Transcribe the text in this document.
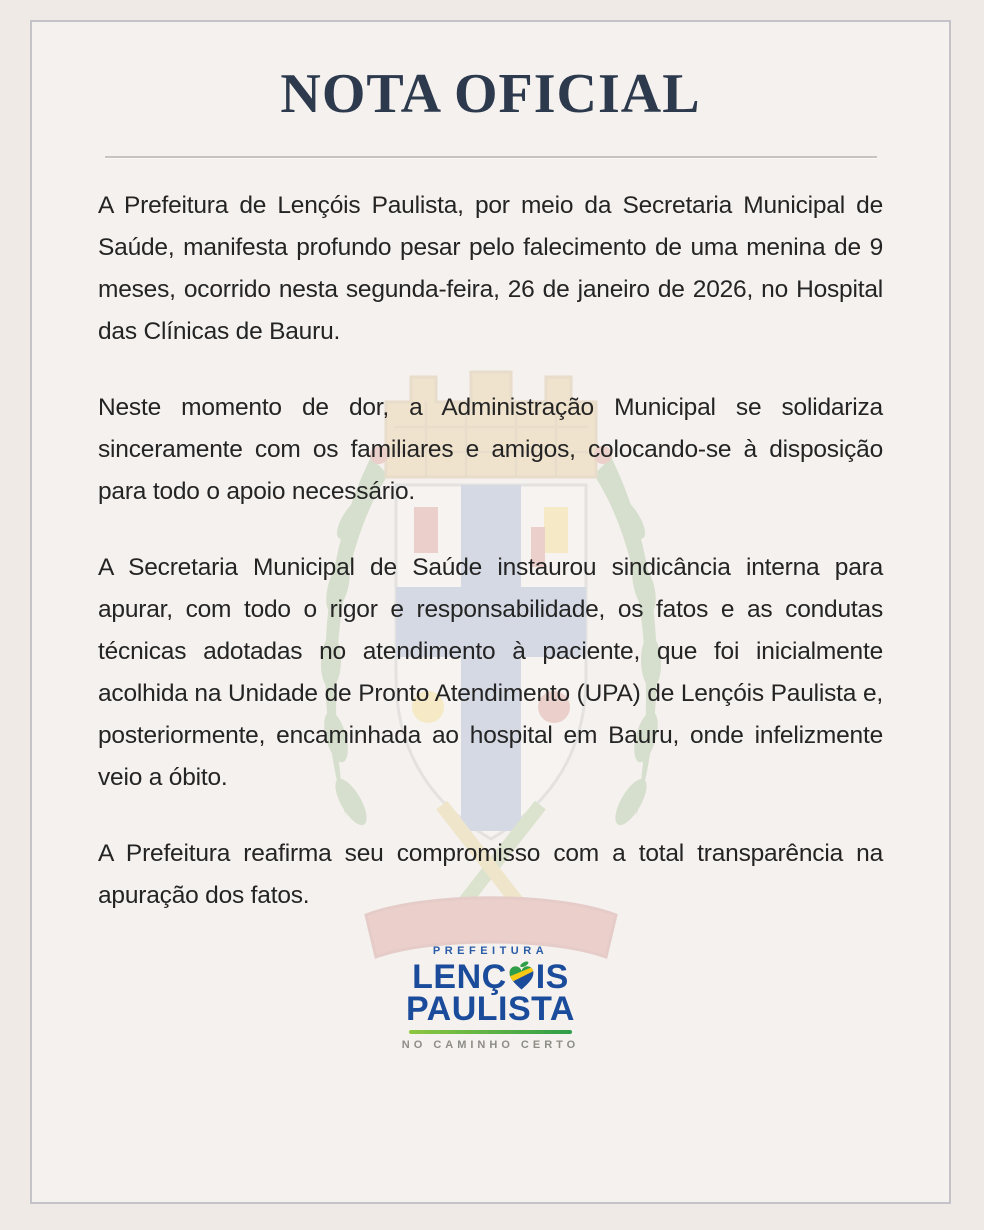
NOTA OFICIAL

A Prefeitura de Lençóis Paulista, por meio da Secretaria Municipal de Saúde, manifesta profundo pesar pelo falecimento de uma menina de 9 meses, ocorrido nesta segunda-feira, 26 de janeiro de 2026, no Hospital das Clínicas de Bauru.

Neste momento de dor, a Administração Municipal se solidariza sinceramente com os familiares e amigos, colocando-se à disposição para todo o apoio necessário.

A Secretaria Municipal de Saúde instaurou sindicância interna para apurar, com todo o rigor e responsabilidade, os fatos e as condutas técnicas adotadas no atendimento à paciente, que foi inicialmente acolhida na Unidade de Pronto Atendimento (UPA) de Lençóis Paulista e, posteriormente, encaminhada ao hospital em Bauru, onde infelizmente veio a óbito.

A Prefeitura reafirma seu compromisso com a total transparência na apuração dos fatos.

PREFEITURA
LENÇ IS
PAULISTA
NO CAMINHO CERTO
